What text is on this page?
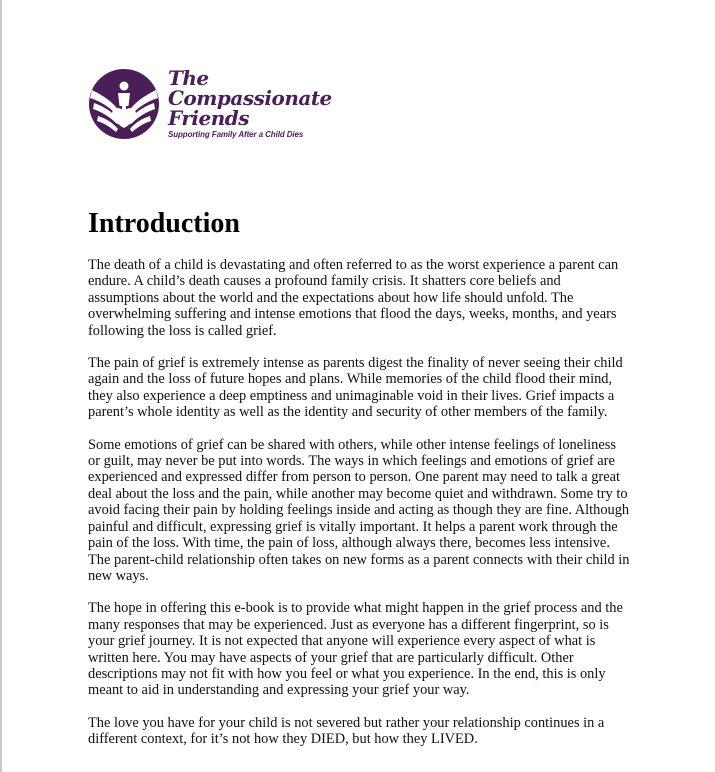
The
Compassionate
Friends
Supporting Family After a Child Dies
Introduction

The death of a child is devastating and often referred to as the worst experience a parent can endure. A child’s death causes a profound family crisis. It shatters core beliefs and assumptions about the world and the expectations about how life should unfold. The overwhelming suffering and intense emotions that flood the days, weeks, months, and years following the loss is called grief.

The pain of grief is extremely intense as parents digest the finality of never seeing their child again and the loss of future hopes and plans. While memories of the child flood their mind, they also experience a deep emptiness and unimaginable void in their lives. Grief impacts a parent’s whole identity as well as the identity and security of other members of the family.

Some emotions of grief can be shared with others, while other intense feelings of loneliness or guilt, may never be put into words. The ways in which feelings and emotions of grief are experienced and expressed differ from person to person. One parent may need to talk a great deal about the loss and the pain, while another may become quiet and withdrawn. Some try to avoid facing their pain by holding feelings inside and acting as though they are fine. Although painful and difficult, expressing grief is vitally important. It helps a parent work through the pain of the loss. With time, the pain of loss, although always there, becomes less intensive. The parent-child relationship often takes on new forms as a parent connects with their child in new ways.

The hope in offering this e-book is to provide what might happen in the grief process and the many responses that may be experienced. Just as everyone has a different fingerprint, so is your grief journey. It is not expected that anyone will experience every aspect of what is written here. You may have aspects of your grief that are particularly difficult. Other descriptions may not fit with how you feel or what you experience. In the end, this is only meant to aid in understanding and expressing your grief your way.

The love you have for your child is not severed but rather your relationship continues in a different context, for it’s not how they DIED, but how they LIVED.
